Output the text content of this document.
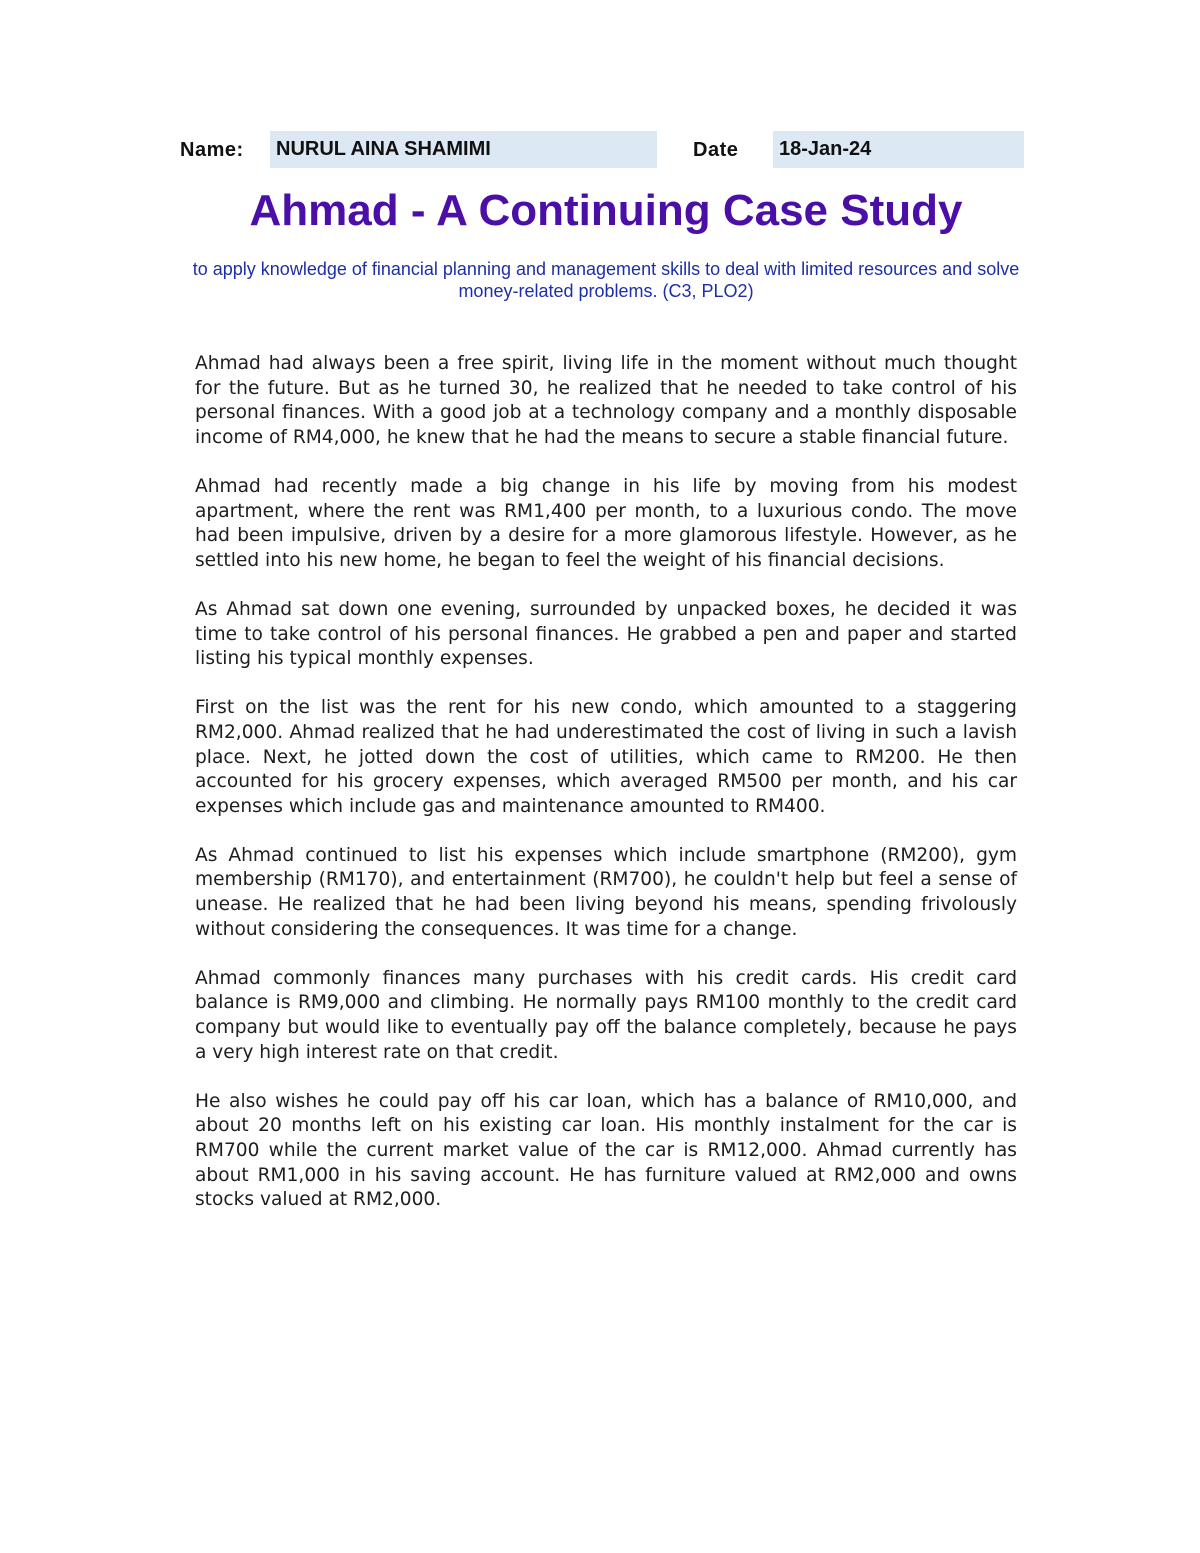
Name:	NURUL AINA SHAMIMI	Date	18-Jan-24
Ahmad - A Continuing Case Study

to apply knowledge of financial planning and management skills to deal with limited resources and solve money-related problems. (C3, PLO2)

Ahmad had always been a free spirit, living life in the moment without much thought for the future. But as he turned 30, he realized that he needed to take control of his personal finances. With a good job at a technology company and a monthly disposable income of RM4,000, he knew that he had the means to secure a stable financial future.

Ahmad had recently made a big change in his life by moving from his modest apartment, where the rent was RM1,400 per month, to a luxurious condo. The move had been impulsive, driven by a desire for a more glamorous lifestyle. However, as he settled into his new home, he began to feel the weight of his financial decisions.

As Ahmad sat down one evening, surrounded by unpacked boxes, he decided it was time to take control of his personal finances. He grabbed a pen and paper and started listing his typical monthly expenses.

First on the list was the rent for his new condo, which amounted to a staggering RM2,000. Ahmad realized that he had underestimated the cost of living in such a lavish place. Next, he jotted down the cost of utilities, which came to RM200. He then accounted for his grocery expenses, which averaged RM500 per month, and his car expenses which include gas and maintenance amounted to RM400.

As Ahmad continued to list his expenses which include smartphone (RM200), gym membership (RM170), and entertainment (RM700), he couldn't help but feel a sense of unease. He realized that he had been living beyond his means, spending frivolously without considering the consequences. It was time for a change.

Ahmad commonly finances many purchases with his credit cards. His credit card balance is RM9,000 and climbing. He normally pays RM100 monthly to the credit card company but would like to eventually pay off the balance completely, because he pays a very high interest rate on that credit.

He also wishes he could pay off his car loan, which has a balance of RM10,000, and about 20 months left on his existing car loan. His monthly instalment for the car is RM700 while the current market value of the car is RM12,000. Ahmad currently has about RM1,000 in his saving account. He has furniture valued at RM2,000 and owns stocks valued at RM2,000.
